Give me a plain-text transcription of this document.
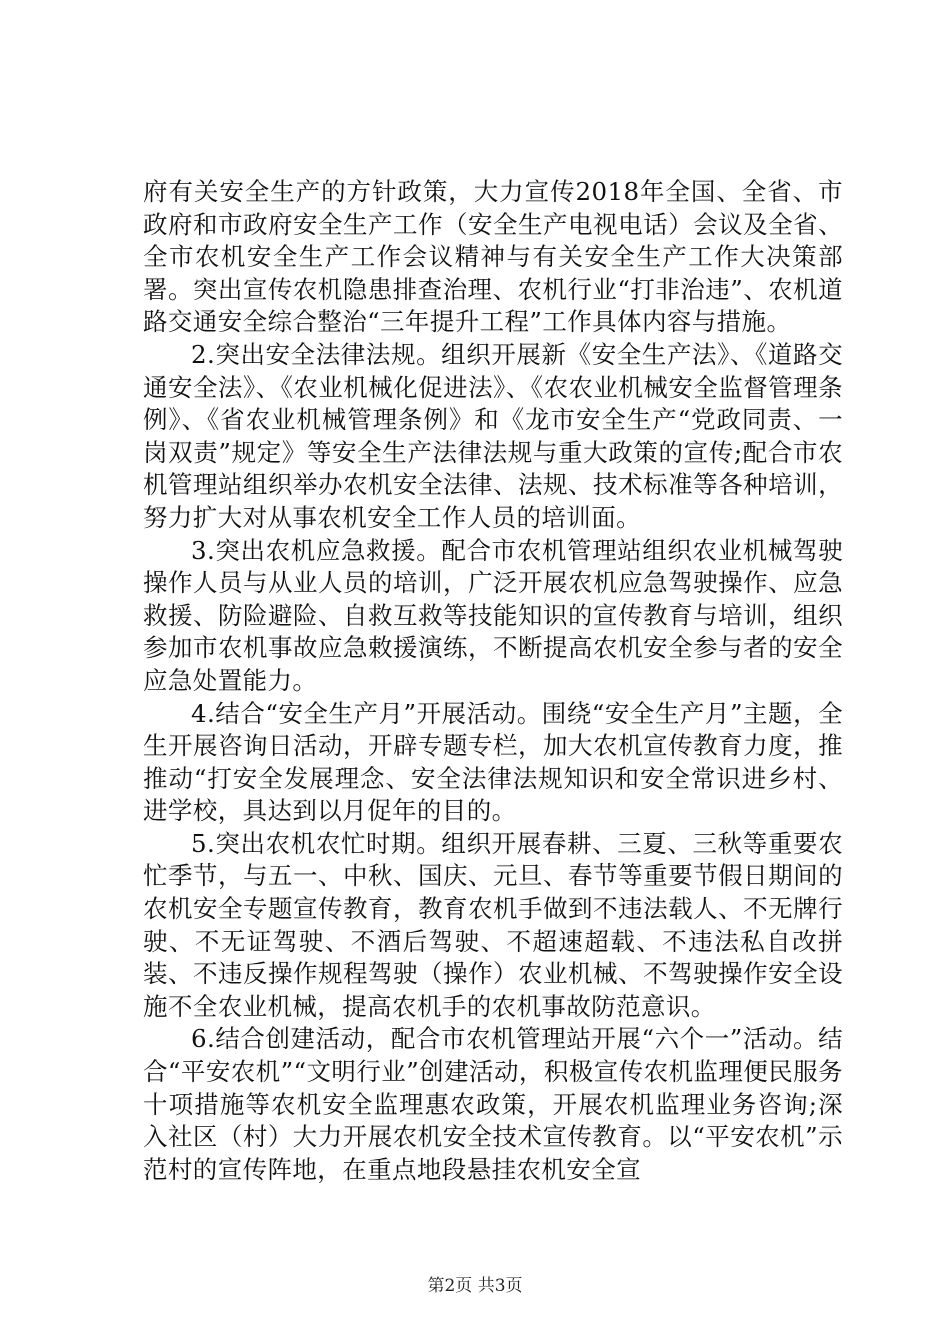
府有关安全生产的方针政策，大力宣传2018年全国、全省、市政府和市政府安全生产工作（安全生产电视电话）会议及全省、全市农机安全生产工作会议精神与有关安全生产工作大决策部署。突出宣传农机隐患排查治理、农机行业“打非治违”、农机道路交通安全综合整治“三年提升工程”工作具体内容与措施。

2.突出安全法律法规。组织开展新《安全生产法》、《道路交通安全法》、《农业机械化促进法》、《农农业机械安全监督管理条例》、《省农业机械管理条例》和《龙市安全生产“党政同责、一岗双责”规定》等安全生产法律法规与重大政策的宣传;配合市农机管理站组织举办农机安全法律、法规、技术标准等各种培训，努力扩大对从事农机安全工作人员的培训面。

3.突出农机应急救援。配合市农机管理站组织农业机械驾驶操作人员与从业人员的培训，广泛开展农机应急驾驶操作、应急救援、防险避险、自救互救等技能知识的宣传教育与培训，组织参加市农机事故应急敕援演练，不断提高农机安全参与者的安全应急处置能力。

4.结合“安全生产月”开展活动。围绕“安全生产月”主题，全生开展咨询日活动，开辟专题专栏，加大农机宣传教育力度，推推动“打安全发展理念、安全法律法规知识和安全常识进乡村、进学校，具达到以月促年的目的。

5.突出农机农忙时期。组织开展春耕、三夏、三秋等重要农忙季节，与五一、中秋、国庆、元旦、春节等重要节假日期间的农机安全专题宣传教育，教育农机手做到不违法载人、不无牌行驶、不无证驾驶、不酒后驾驶、不超速超载、不违法私自改拼装、不违反操作规程驾驶（操作）农业机械、不驾驶操作安全设施不全农业机械，提高农机手的农机事故防范意识。

6.结合创建活动，配合市农机管理站开展“六个一”活动。结合“平安农机”“文明行业”创建活动，积极宣传农机监理便民服务十项措施等农机安全监理惠农政策，开展农机监理业务咨询;深入社区（村）大力开展农机安全技术宣传教育。以“平安农机”示范村的宣传阵地，在重点地段悬挂农机安全宣

第2页 共3页
